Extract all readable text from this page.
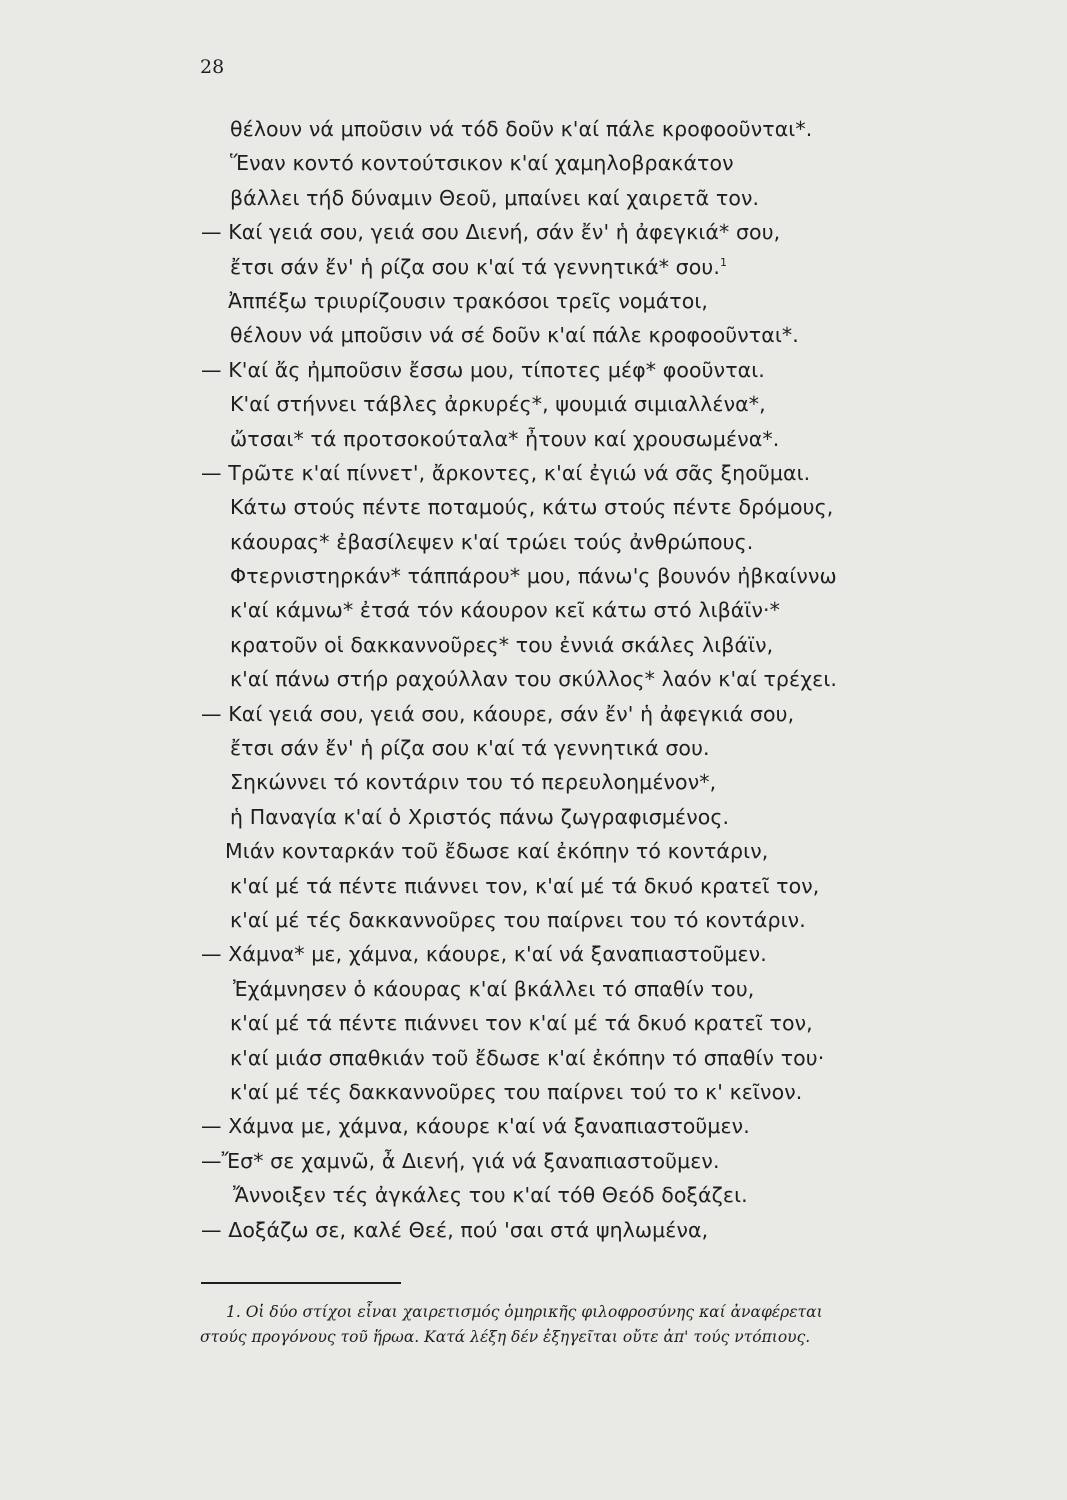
28
θέλουν νά μποῦσιν νά τόδ δοῦν κ'αί πάλε κροφοοῦνται*.
Ἕναν κοντό κοντούτσικον κ'αί χαμηλοβρακάτον
βάλλει τήδ δύναμιν Θεοῦ, μπαίνει καί χαιρετᾶ τον.
— Καί γειά σου, γειά σου Διενή, σάν ἔν' ἡ ἀφεγκιά* σου,
ἔτσι σάν ἔν' ἡ ρίζα σου κ'αί τά γεννητικά* σου.$^1$
Ἀππέξω τριυρίζουσιν τρακόσοι τρεῖς νομάτοι,
θέλουν νά μποῦσιν νά σέ δοῦν κ'αί πάλε κροφοοῦνται*.
— Κ'αί ἄς ἠμποῦσιν ἔσσω μου, τίποτες μέφ* φοοῦνται.
Κ'αί στήννει τάβλες ἀρκυρές*, ψουμιά σιμιαλλένα*,
ὤτσαι* τά προτσοκούταλα* ἦτουν καί χρουσωμένα*.
— Τρῶτε κ'αί πίννετ', ἄρκοντες, κ'αί ἐγιώ νά σᾶς ξηοῦμαι.
Κάτω στούς πέντε ποταμούς, κάτω στούς πέντε δρόμους,
κάουρας* ἐβασίλεψεν κ'αί τρώει τούς ἀνθρώπους.
Φτερνιστηρκάν* τάππάρου* μου, πάνω'ς βουνόν ἠβκαίννω
κ'αί κάμνω* ἐτσά τόν κάουρον κεῖ κάτω στό λιβάϊν·*
κρατοῦν οἱ δακκαννοῦρες* του ἐννιά σκάλες λιβάϊν,
κ'αί πάνω στήρ ραχούλλαν του σκύλλος* λαόν κ'αί τρέχει.
— Καί γειά σου, γειά σου, κάουρε, σάν ἔν' ἡ ἀφεγκιά σου,
ἔτσι σάν ἔν' ἡ ρίζα σου κ'αί τά γεννητικά σου.
Σηκώννει τό κοντάριν του τό περευλοημένον*,
ἡ Παναγία κ'αί ὁ Χριστός πάνω ζωγραφισμένος.
Μιάν κονταρκάν τοῦ ἔδωσε καί ἐκόπην τό κοντάριν,
κ'αί μέ τά πέντε πιάννει τον, κ'αί μέ τά δκυό κρατεῖ τον,
κ'αί μέ τές δακκαννοῦρες του παίρνει του τό κοντάριν.
— Χάμνα* με, χάμνα, κάουρε, κ'αί νά ξαναπιαστοῦμεν.
Ἐχάμνησεν ὁ κάουρας κ'αί βκάλλει τό σπαθίν του,
κ'αί μέ τά πέντε πιάννει τον κ'αί μέ τά δκυό κρατεῖ τον,
κ'αί μιάσ σπαθκιάν τοῦ ἔδωσε κ'αί ἐκόπην τό σπαθίν του·
κ'αί μέ τές δακκαννοῦρες του παίρνει τού το κ' κεῖνον.
— Χάμνα με, χάμνα, κάουρε κ'αί νά ξαναπιαστοῦμεν.
—Ἔσ* σε χαμνῶ, ἆ Διενή, γιά νά ξαναπιαστοῦμεν.
Ἄννοιξεν τές ἀγκάλες του κ'αί τόθ Θεόδ δοξάζει.
— Δοξάζω σε, καλέ Θεέ, πού 'σαι στά ψηλωμένα,
1. Οἱ δύο στίχοι εἶναι χαιρετισμός ὁμηρικῆς φιλοφροσύνης καί ἀναφέρεται
στούς προγόνους τοῦ ἥρωα. Κατά λέξη δέν ἐξηγεῖται οὔτε ἀπ' τούς ντόπιους.
